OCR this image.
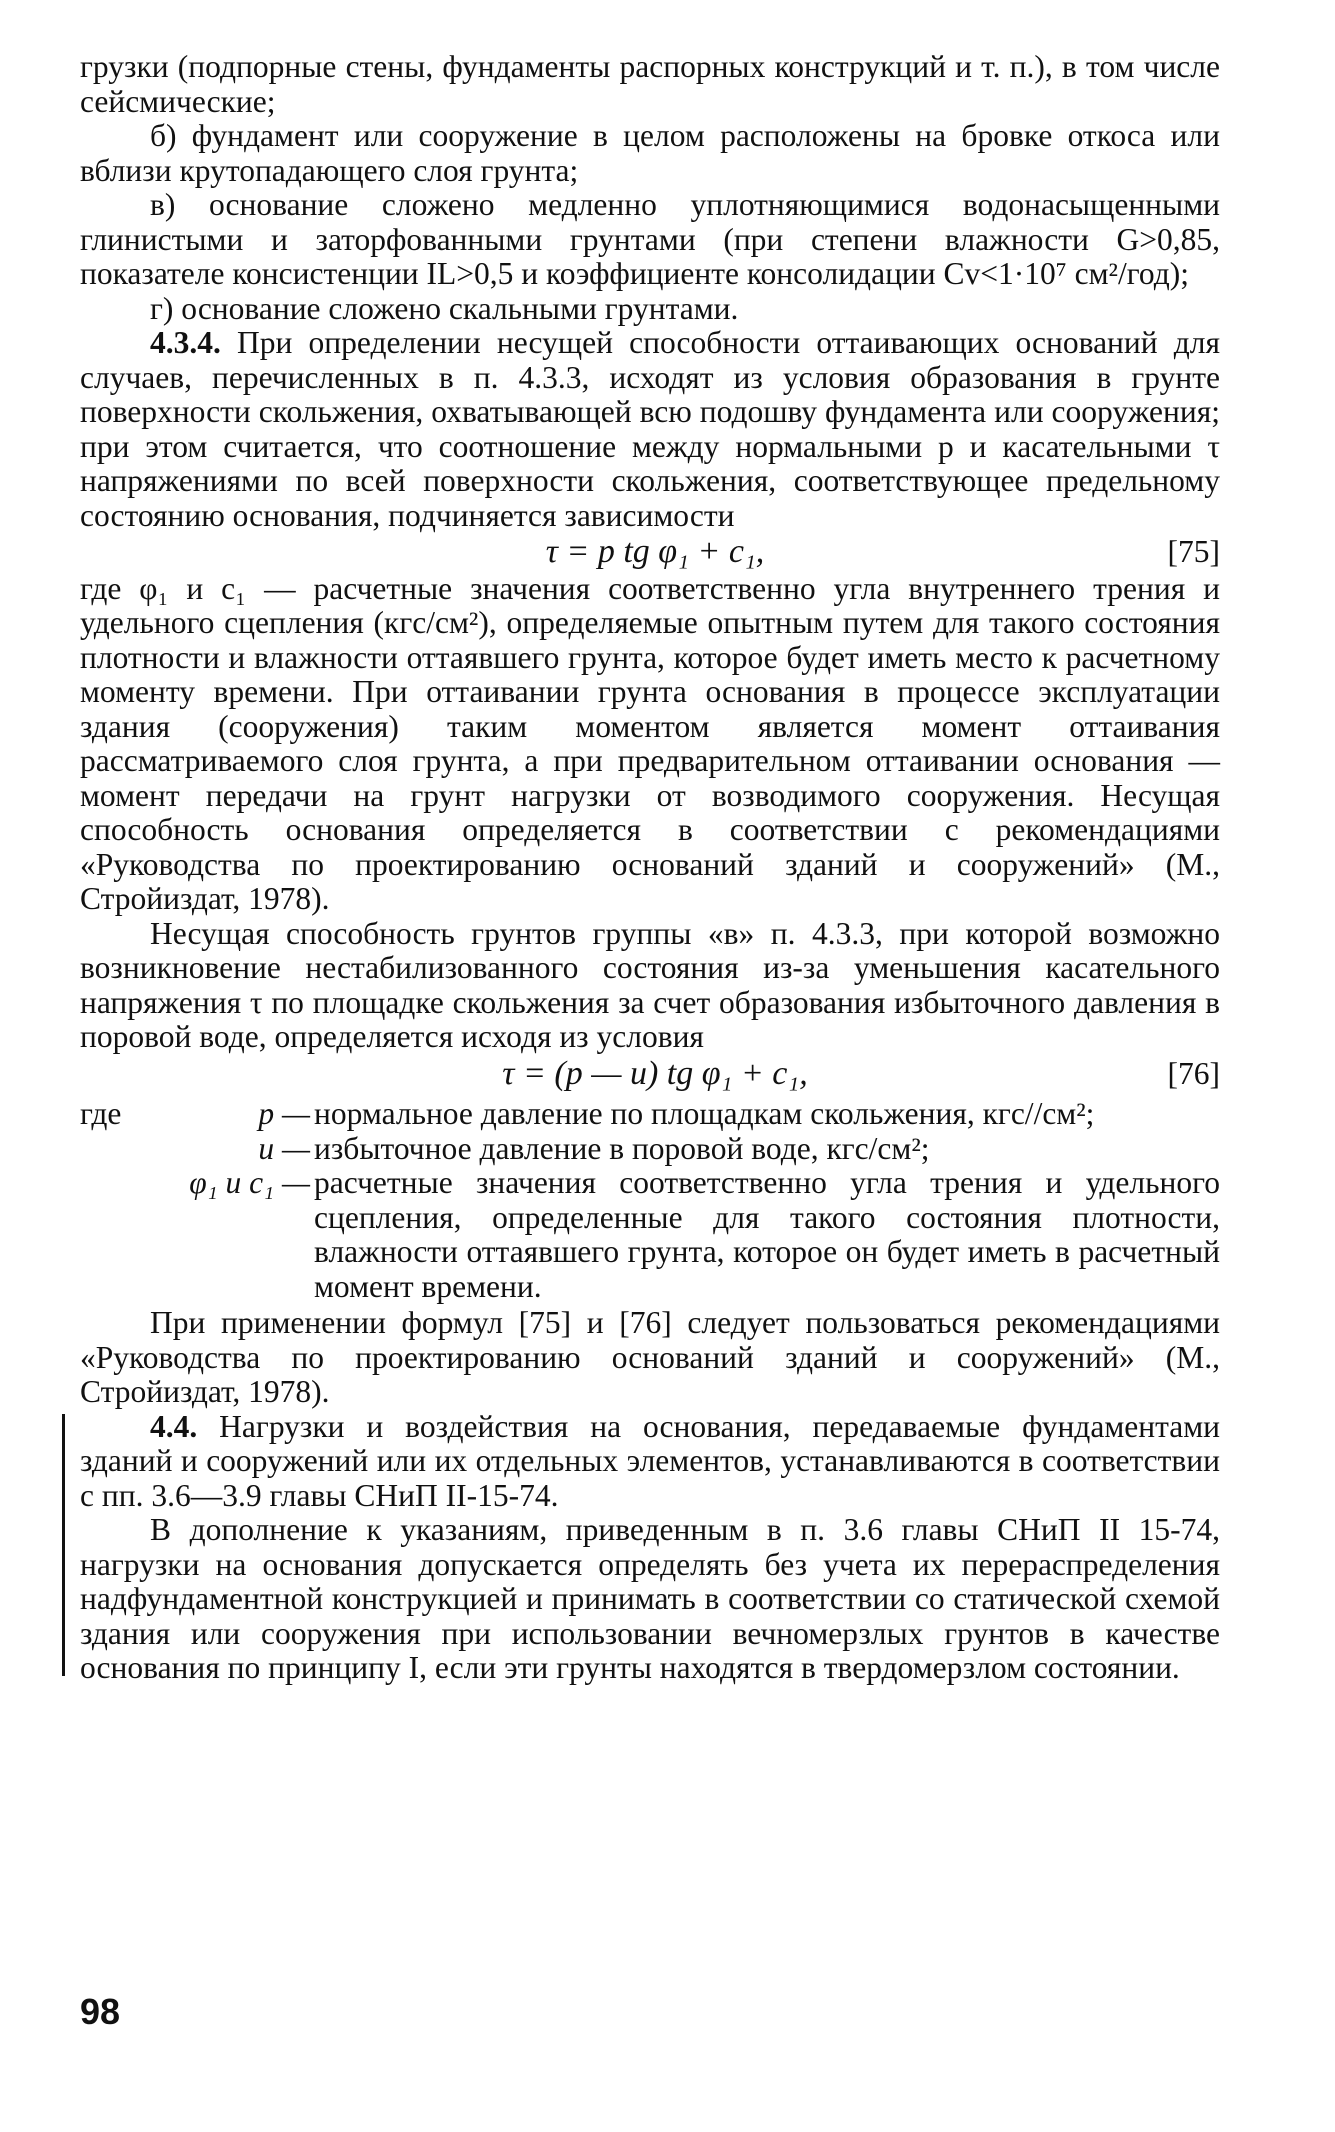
грузки (подпорные стены, фундаменты распорных конструкций и т. п.), в том числе сейсмические;

б) фундамент или сооружение в целом расположены на бровке откоса или вблизи крутопадающего слоя грунта;

в) основание сложено медленно уплотняющимися водонасыщенными глинистыми и заторфованными грунтами (при степени влажности G>0,85, показателе консистенции IL>0,5 и коэффициенте консолидации Cv<1·10⁷ см²/год);

г) основание сложено скальными грунтами.

4.3.4. При определении несущей способности оттаивающих оснований для случаев, перечисленных в п. 4.3.3, исходят из условия образования в грунте поверхности скольжения, охватывающей всю подошву фундамента или сооружения; при этом считается, что соотношение между нормальными p и касательными τ напряжениями по всей поверхности скольжения, соответствующее предельному состоянию основания, подчиняется зависимости

τ = p tg φ₁ + c₁,	[75]

где φ₁ и c₁ — расчетные значения соответственно угла внутреннего трения и удельного сцепления (кгс/см²), определяемые опытным путем для такого состояния плотности и влажности оттаявшего грунта, которое будет иметь место к расчетному моменту времени. При оттаивании грунта основания в процессе эксплуатации здания (сооружения) таким моментом является момент оттаивания рассматриваемого слоя грунта, а при предварительном оттаивании основания — момент передачи на грунт нагрузки от возводимого сооружения. Несущая способность основания определяется в соответствии с рекомендациями «Руководства по проектированию оснований зданий и сооружений» (М., Стройиздат, 1978).

Несущая способность грунтов группы «в» п. 4.3.3, при которой возможно возникновение нестабилизованного состояния из-за уменьшения касательного напряжения τ по площадке скольжения за счет образования избыточного давления в поровой воде, определяется исходя из условия

τ = (p — u) tg φ₁ + c₁,	[76]
где	p — нормальное давление по площадкам скольжения, кгс//см²;
u — избыточное давление в поровой воде, кгс/см²;
φ₁ и c₁ — расчетные значения соответственно угла трения и удельного сцепления, определенные для такого состояния плотности, влажности оттаявшего грунта, которое он будет иметь в расчетный момент времени.

При применении формул [75] и [76] следует пользоваться рекомендациями «Руководства по проектированию оснований зданий и сооружений» (М., Стройиздат, 1978).

4.4. Нагрузки и воздействия на основания, передаваемые фундаментами зданий и сооружений или их отдельных элементов, устанавливаются в соответствии с пп. 3.6—3.9 главы СНиП II-15-74.

В дополнение к указаниям, приведенным в п. 3.6 главы СНиП II 15-74, нагрузки на основания допускается определять без учета их перераспределения надфундаментной конструкцией и принимать в соответствии со статической схемой здания или сооружения при использовании вечномерзлых грунтов в качестве основания по принципу I, если эти грунты находятся в твердомерзлом состоянии.

98
